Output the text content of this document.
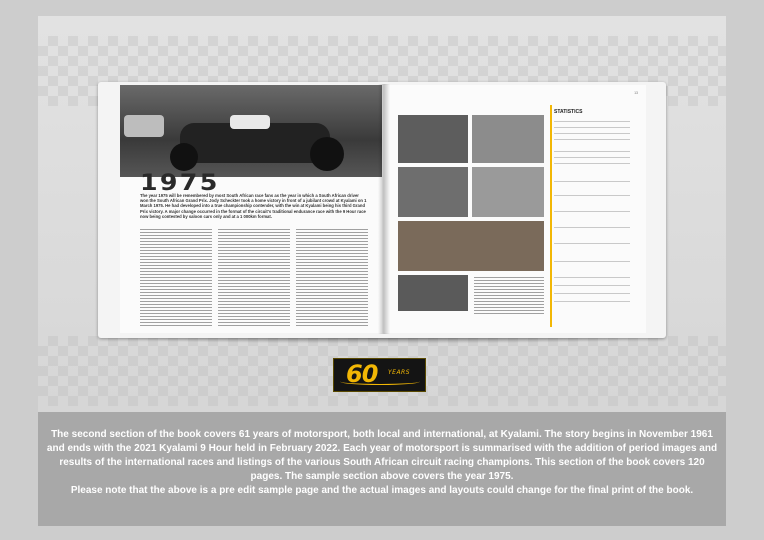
1975
The year 1975 will be remembered by most South African race fans as the year in which a South African driver won the South African Grand Prix. Jody Scheckter took a home victory in front of a jubilant crowd at Kyalami on 1 March 1975. He had developed into a true championship contender, with the win at Kyalami being his third Grand Prix victory. A major change occurred in the format of the circuit's traditional endurance race with the 9 Hour race now being contested by saloon cars only and at a 1 000km format.
13
STATISTICS
60 YEARS
The second section of the book covers 61 years of motorsport, both local and international, at Kyalami. The story begins in November 1961 and ends with the 2021 Kyalami 9 Hour held in February 2022. Each year of motorsport is summarised with the addition of period images and results of the international races and listings of the various South African circuit racing champions. This section of the book covers 120 pages. The sample section above covers the year 1975.
Please note that the above is a pre edit sample page and the actual images and layouts could change for the final print of the book.
